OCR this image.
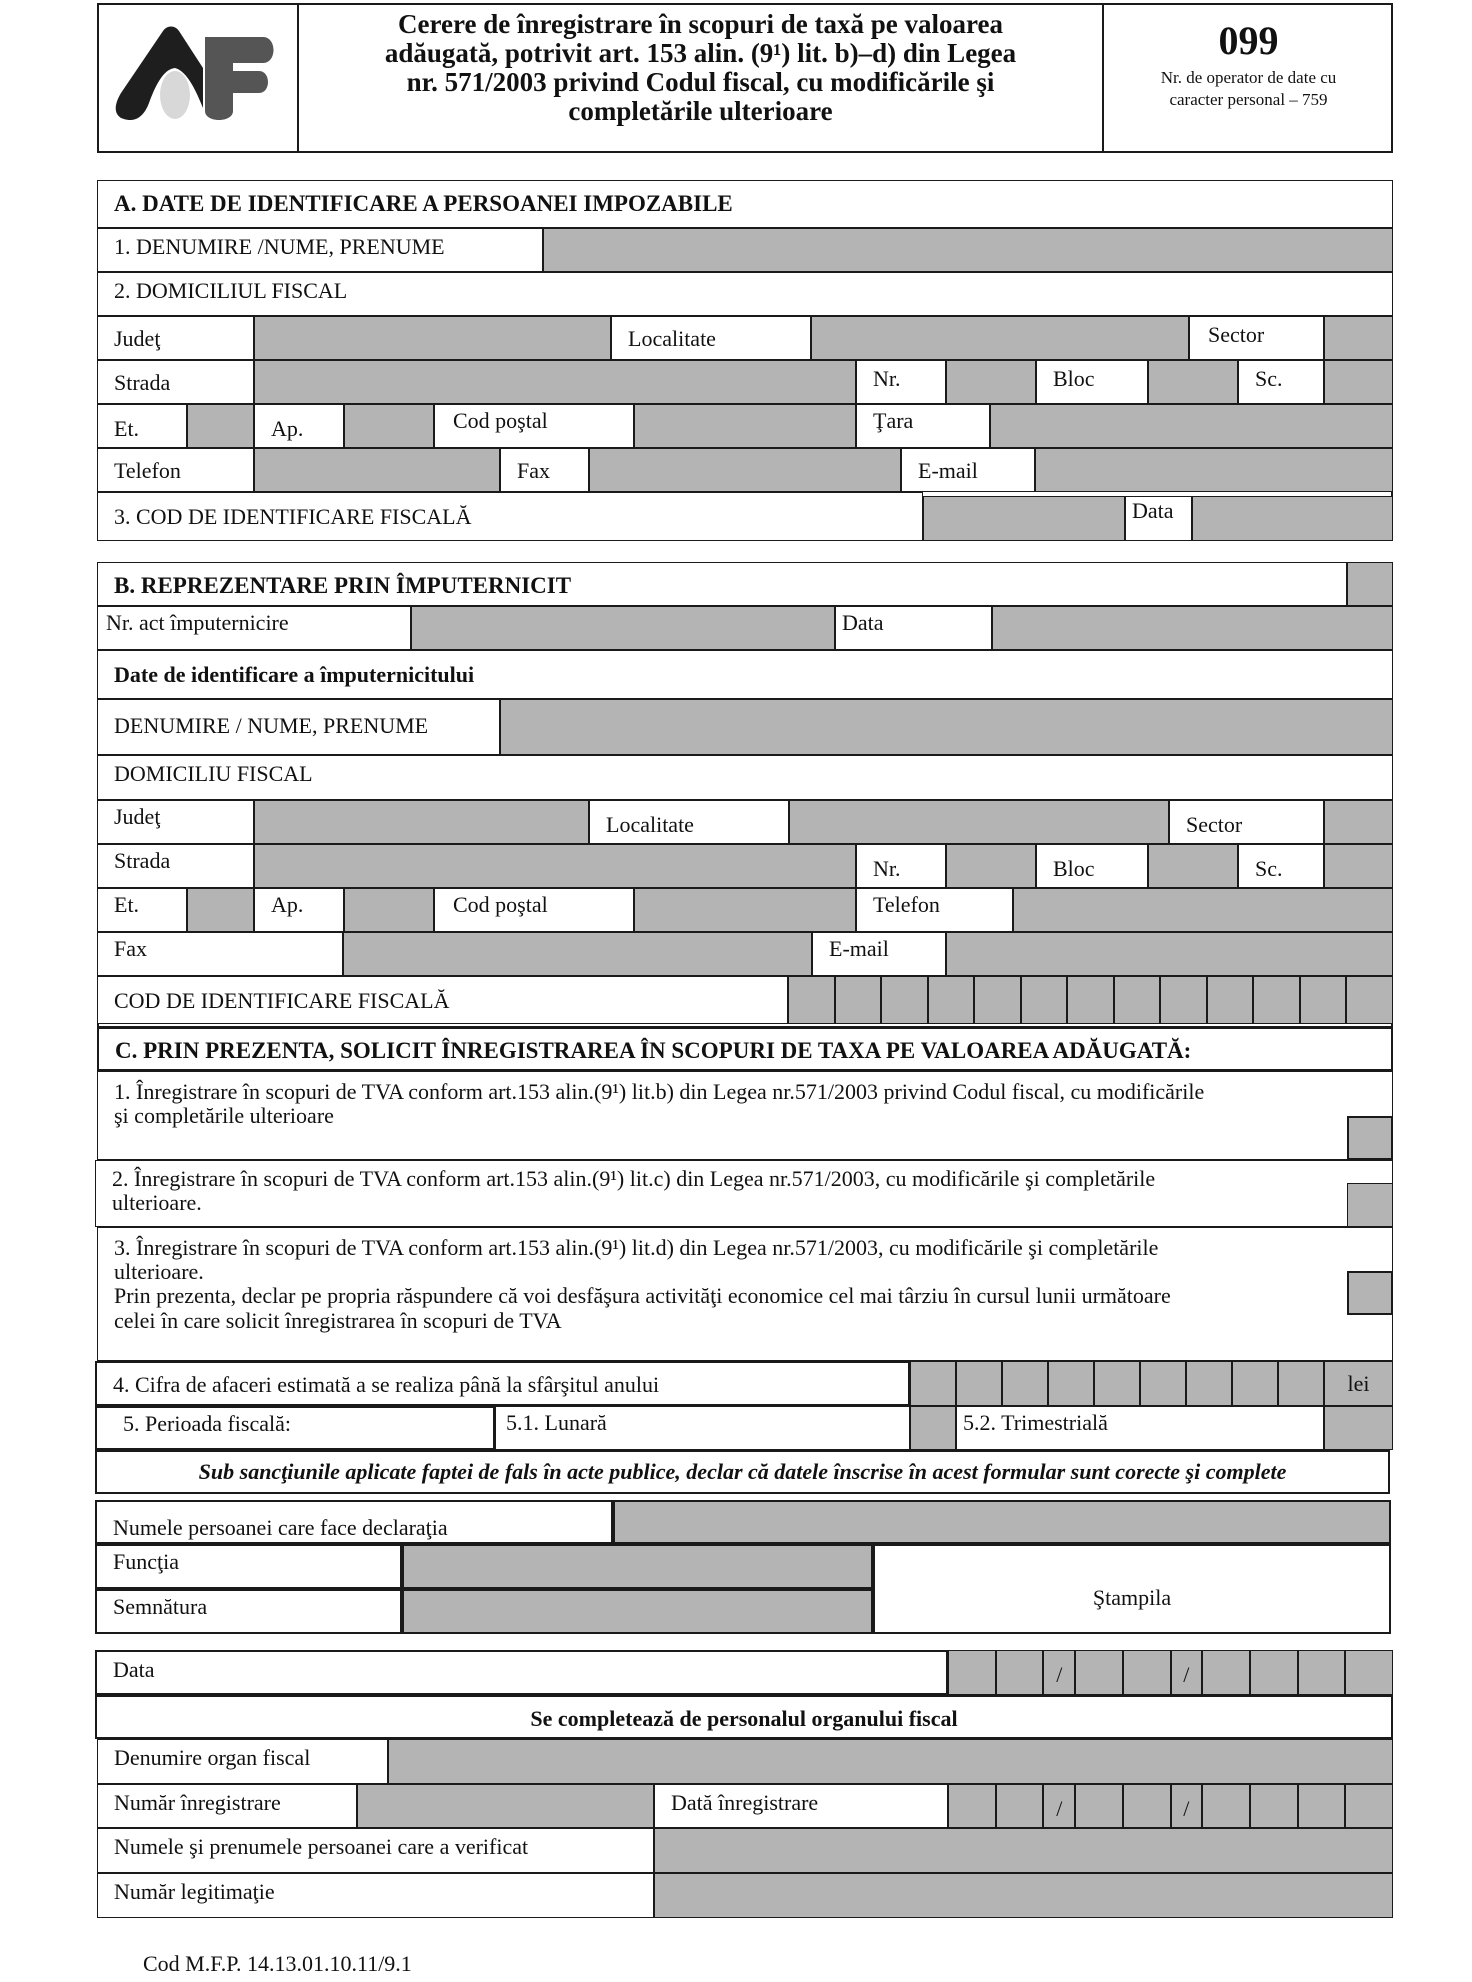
Cerere de înregistrare în scopuri de taxă pe valoarea
adăugată, potrivit art. 153 alin. (9¹) lit. b)–d) din Legea
nr. 571/2003 privind Codul fiscal, cu modificările şi
completările ulterioare
099
Nr. de operator de date cu
caracter personal – 759
A. DATE DE IDENTIFICARE A PERSOANEI IMPOZABILE
1. DENUMIRE /NUME, PRENUME
2. DOMICILIUL FISCAL
Judeţ	Localitate	Sector
Strada	Nr.	Bloc	Sc.
Et.	Ap.	Cod poştal	Ţara
Telefon	Fax	E-mail
3. COD DE IDENTIFICARE FISCALĂ	Data
B. REPREZENTARE PRIN ÎMPUTERNICIT
Nr. act împuternicire	Data
Date de identificare a împuternicitului
DENUMIRE / NUME, PRENUME
DOMICILIU FISCAL
Judeţ	Localitate	Sector
Strada	Nr.	Bloc	Sc.
Et.	Ap.	Cod poştal	Telefon
Fax	E-mail
COD DE IDENTIFICARE FISCALĂ
C. PRIN PREZENTA, SOLICIT ÎNREGISTRAREA ÎN SCOPURI DE TAXA PE VALOAREA ADĂUGATĂ:
1. Înregistrare în scopuri de TVA conform art.153 alin.(9¹) lit.b) din Legea nr.571/2003 privind Codul fiscal, cu modificările
şi completările ulterioare
2. Înregistrare în scopuri de TVA conform art.153 alin.(9¹) lit.c) din Legea nr.571/2003, cu modificările şi completările
ulterioare.
3. Înregistrare în scopuri de TVA conform art.153 alin.(9¹) lit.d) din Legea nr.571/2003, cu modificările şi completările
ulterioare.
Prin prezenta, declar pe propria răspundere că voi desfăşura activităţi economice cel mai târziu în cursul lunii următoare
celei în care solicit înregistrarea în scopuri de TVA
4. Cifra de afaceri estimată a se realiza până la sfârşitul anului	lei
5. Perioada fiscală:	5.1. Lunară	5.2. Trimestrială
Sub sancţiunile aplicate faptei de fals în acte publice, declar că datele înscrise în acest formular sunt corecte şi complete
Numele persoanei care face declaraţia
Funcţia
Semnătura	Ştampila
Data	/	/
Se completează de personalul organului fiscal
Denumire organ fiscal
Număr înregistrare	Dată înregistrare	/	/
Numele şi prenumele persoanei care a verificat
Număr legitimaţie
Cod M.F.P. 14.13.01.10.11/9.1
